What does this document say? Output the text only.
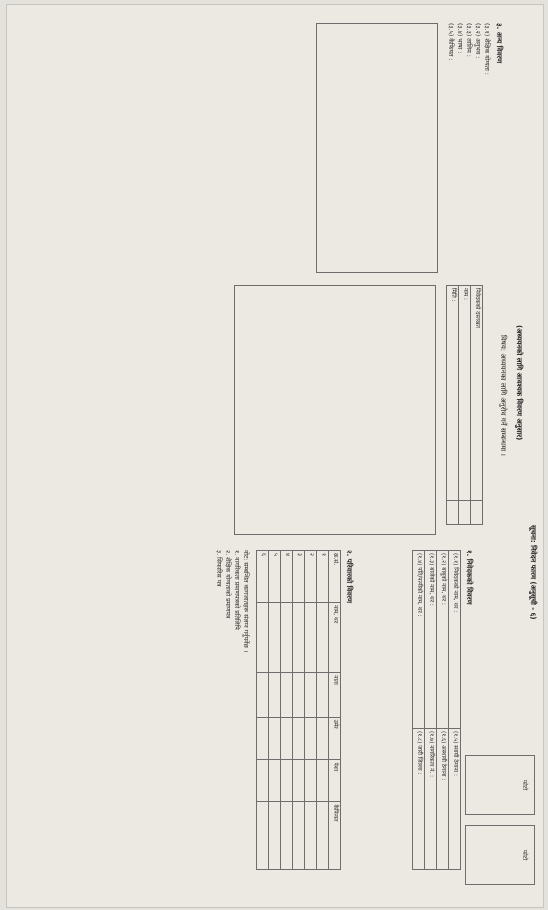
सूचना: निवेदन फारम (अनुसूची - ६)
(अध्ययनको लागि आवश्यक विवरण अनुसार)
विषय: अध्ययनका लागि अनुरोध गर्ने सम्बन्धमा ।
फोटो
फोटो
१. निवेदकको विवरण
(१.१) निवेदकको नाम, थर :	(१.५) स्थायी ठेगाना :
(१.२) बाबुको नाम, थर :	(१.६) अस्थायी ठेगाना :
(१.३) बाजेको नाम, थर :	(१.७) नागरिकता नं. :
(१.४) पति/पत्नीको नाम, थर :	(१.८) जारी जिल्ला :
२. परिवारको विवरण
क्र.सं.	नाम, थर	नाता	उमेर	पेशा	कैफियत
१					
२					
३					
४					
५					
६					
नोट: सम्बन्धित कागजातहरू संलग्न गर्नुपर्नेछ ।
१. नागरिकता प्रमाणपत्रको प्रतिलिपि
२. शैक्षिक योग्यताको प्रमाणपत्र
३. सिफारिस पत्र
३. अन्य विवरण
(३.१) शैक्षिक योग्यता :
(३.२) अनुभव :
(३.३) तालिम :
(३.४) भाषा :
(३.५) कैफियत :
निवेदकको दस्तखत	
नाम :	
मिति :	
